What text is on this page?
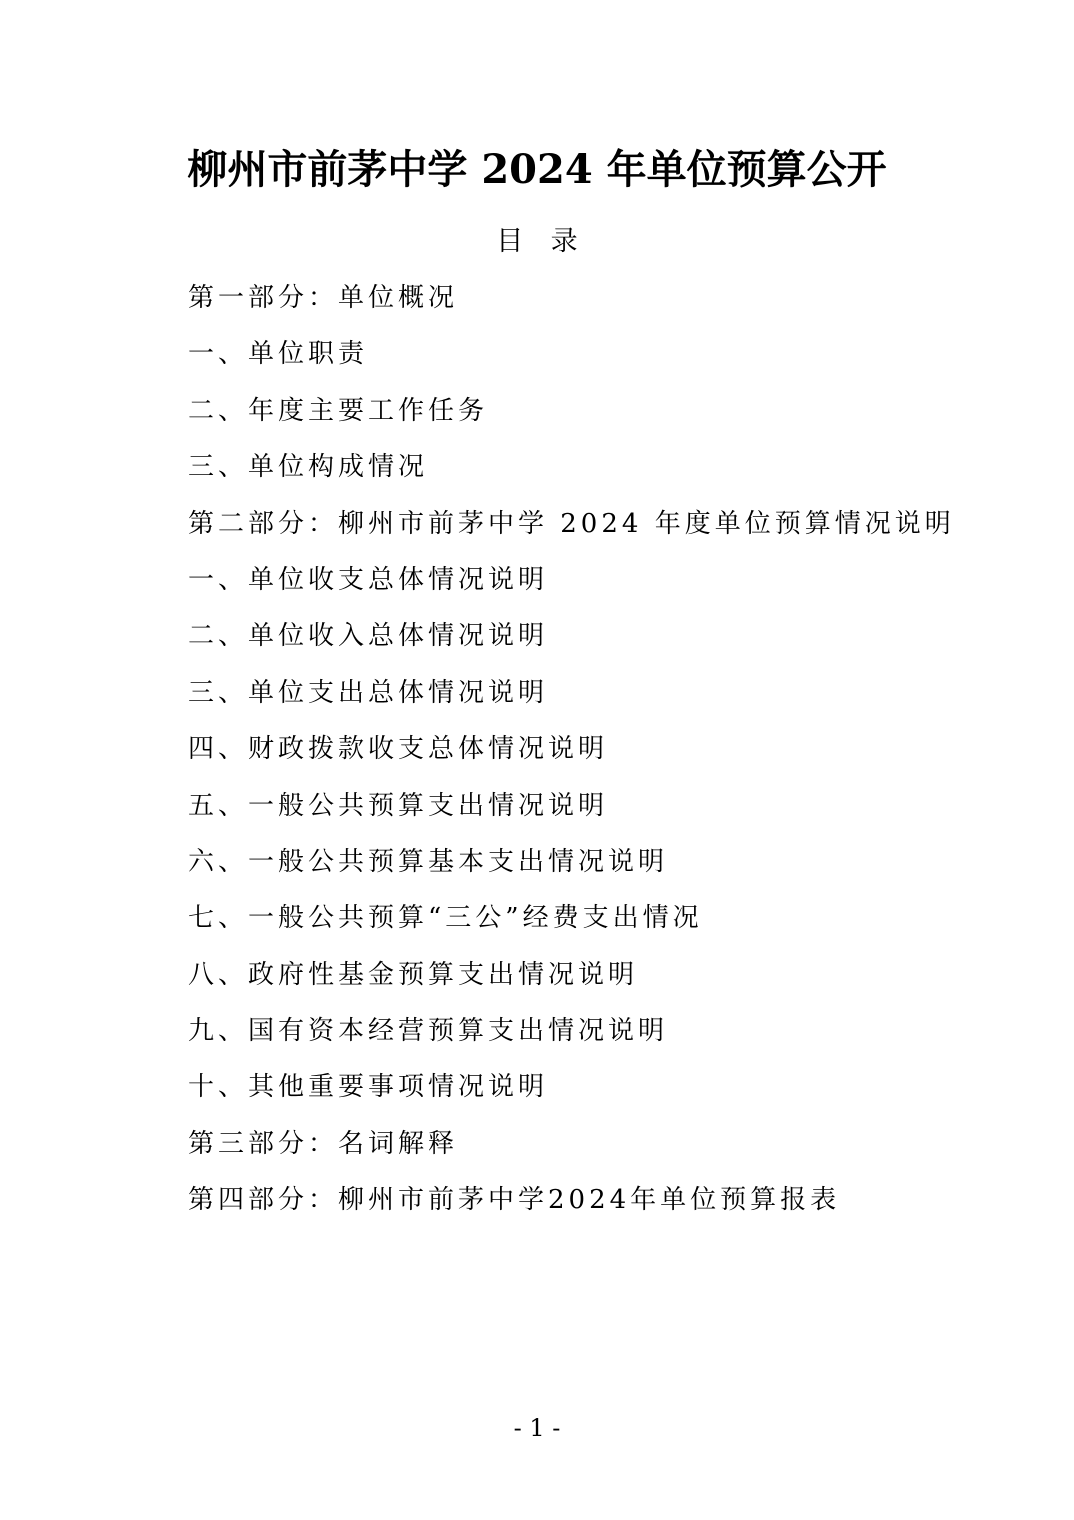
柳州市前茅中学 2024 年单位预算公开
目　录
第一部分：单位概况
一、单位职责
二、年度主要工作任务
三、单位构成情况
第二部分：柳州市前茅中学 2024 年度单位预算情况说明
一、单位收支总体情况说明
二、单位收入总体情况说明
三、单位支出总体情况说明
四、财政拨款收支总体情况说明
五、一般公共预算支出情况说明
六、一般公共预算基本支出情况说明
七、一般公共预算“三公”经费支出情况
八、政府性基金预算支出情况说明
九、国有资本经营预算支出情况说明
十、其他重要事项情况说明
第三部分：名词解释
第四部分：柳州市前茅中学2024年单位预算报表
- 1 -
